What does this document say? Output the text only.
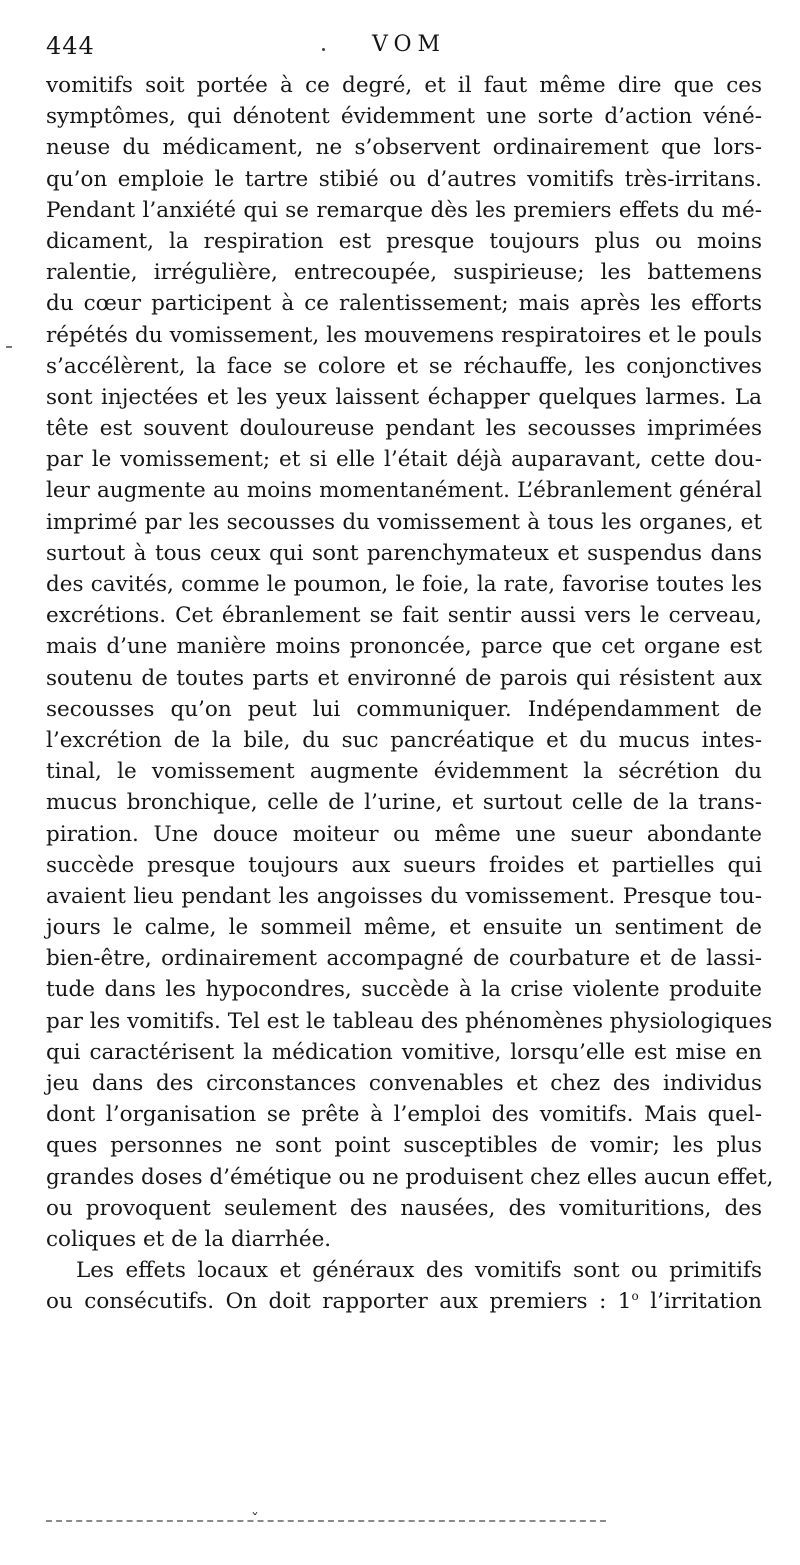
444	VOM
vomitifs soit portée à ce degré, et il faut même dire que ces
symptômes, qui dénotent évidemment une sorte d’action véné-
neuse du médicament, ne s’observent ordinairement que lors-
qu’on emploie le tartre stibié ou d’autres vomitifs très-irritans.
Pendant l’anxiété qui se remarque dès les premiers effets du mé-
dicament, la respiration est presque toujours plus ou moins
ralentie, irrégulière, entrecoupée, suspirieuse; les battemens
du cœur participent à ce ralentissement; mais après les efforts
répétés du vomissement, les mouvemens respiratoires et le pouls
s’accélèrent, la face se colore et se réchauffe, les conjonctives
sont injectées et les yeux laissent échapper quelques larmes. La
tête est souvent douloureuse pendant les secousses imprimées
par le vomissement; et si elle l’était déjà auparavant, cette dou-
leur augmente au moins momentanément. L’ébranlement général
imprimé par les secousses du vomissement à tous les organes, et
surtout à tous ceux qui sont parenchymateux et suspendus dans
des cavités, comme le poumon, le foie, la rate, favorise toutes les
excrétions. Cet ébranlement se fait sentir aussi vers le cerveau,
mais d’une manière moins prononcée, parce que cet organe est
soutenu de toutes parts et environné de parois qui résistent aux
secousses qu’on peut lui communiquer. Indépendamment de
l’excrétion de la bile, du suc pancréatique et du mucus intes-
tinal, le vomissement augmente évidemment la sécrétion du
mucus bronchique, celle de l’urine, et surtout celle de la trans-
piration. Une douce moiteur ou même une sueur abondante
succède presque toujours aux sueurs froides et partielles qui
avaient lieu pendant les angoisses du vomissement. Presque tou-
jours le calme, le sommeil même, et ensuite un sentiment de
bien-être, ordinairement accompagné de courbature et de lassi-
tude dans les hypocondres, succède à la crise violente produite
par les vomitifs. Tel est le tableau des phénomènes physiologiques
qui caractérisent la médication vomitive, lorsqu’elle est mise en
jeu dans des circonstances convenables et chez des individus
dont l’organisation se prête à l’emploi des vomitifs. Mais quel-
ques personnes ne sont point susceptibles de vomir; les plus
grandes doses d’émétique ou ne produisent chez elles aucun effet,
ou provoquent seulement des nausées, des vomituritions, des
coliques et de la diarrhée.
Les effets locaux et généraux des vomitifs sont ou primitifs
ou consécutifs. On doit rapporter aux premiers : 1$^o$ l’irritation
ˇ
